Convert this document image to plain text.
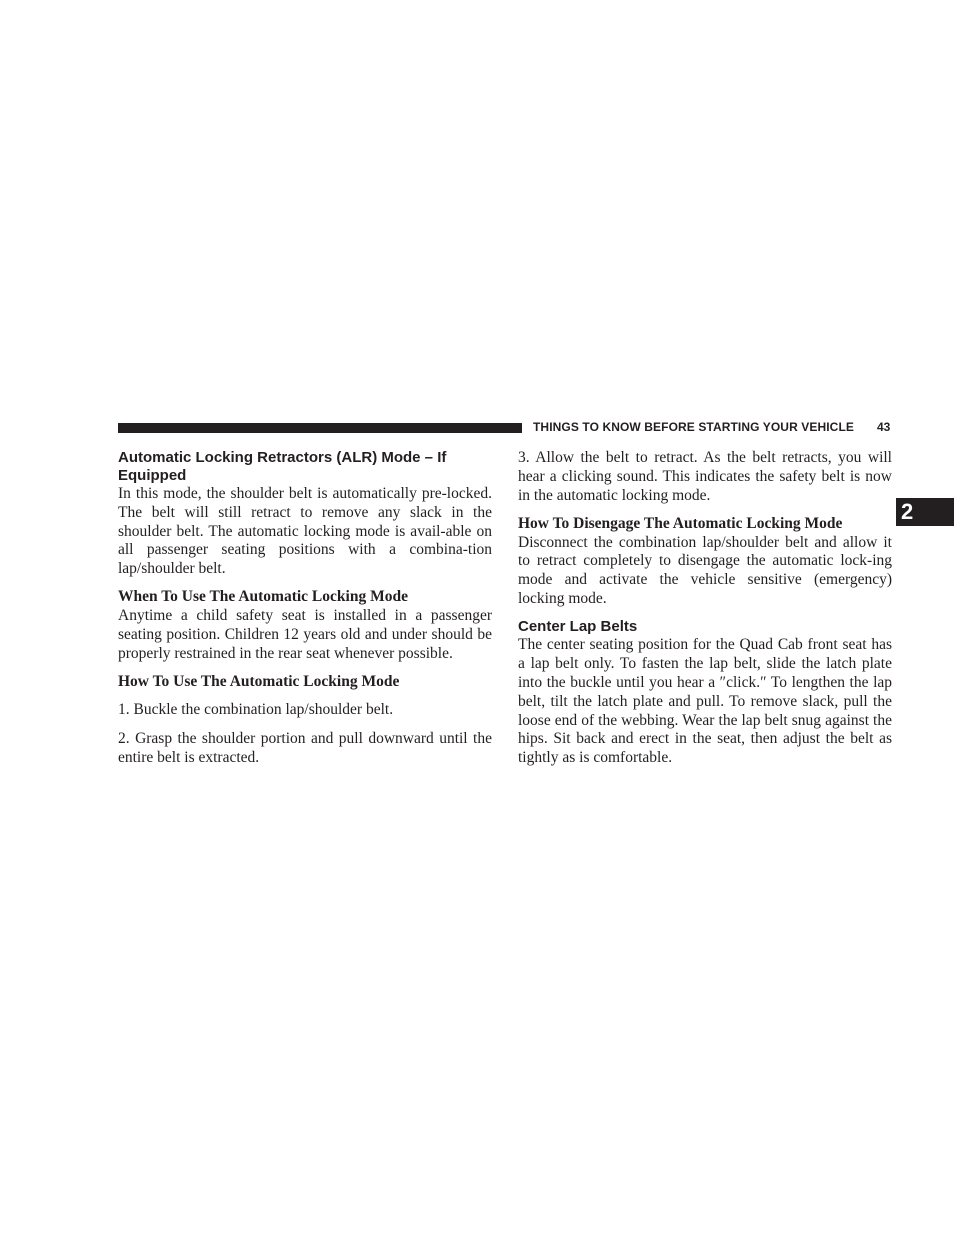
THINGS TO KNOW BEFORE STARTING YOUR VEHICLE 43
2
Automatic Locking Retractors (ALR) Mode – If Equipped

In this mode, the shoulder belt is automatically pre-locked. The belt will still retract to remove any slack in the shoulder belt. The automatic locking mode is avail-able on all passenger seating positions with a combina-tion lap/shoulder belt.

When To Use The Automatic Locking Mode

Anytime a child safety seat is installed in a passenger seating position. Children 12 years old and under should be properly restrained in the rear seat whenever possible.

How To Use The Automatic Locking Mode

1. Buckle the combination lap/shoulder belt.

2. Grasp the shoulder portion and pull downward until the entire belt is extracted.

3. Allow the belt to retract. As the belt retracts, you will hear a clicking sound. This indicates the safety belt is now in the automatic locking mode.

How To Disengage The Automatic Locking Mode

Disconnect the combination lap/shoulder belt and allow it to retract completely to disengage the automatic lock-ing mode and activate the vehicle sensitive (emergency) locking mode.

Center Lap Belts

The center seating position for the Quad Cab front seat has a lap belt only. To fasten the lap belt, slide the latch plate into the buckle until you hear a ″click.″ To lengthen the lap belt, tilt the latch plate and pull. To remove slack, pull the loose end of the webbing. Wear the lap belt snug against the hips. Sit back and erect in the seat, then adjust the belt as tightly as is comfortable.
